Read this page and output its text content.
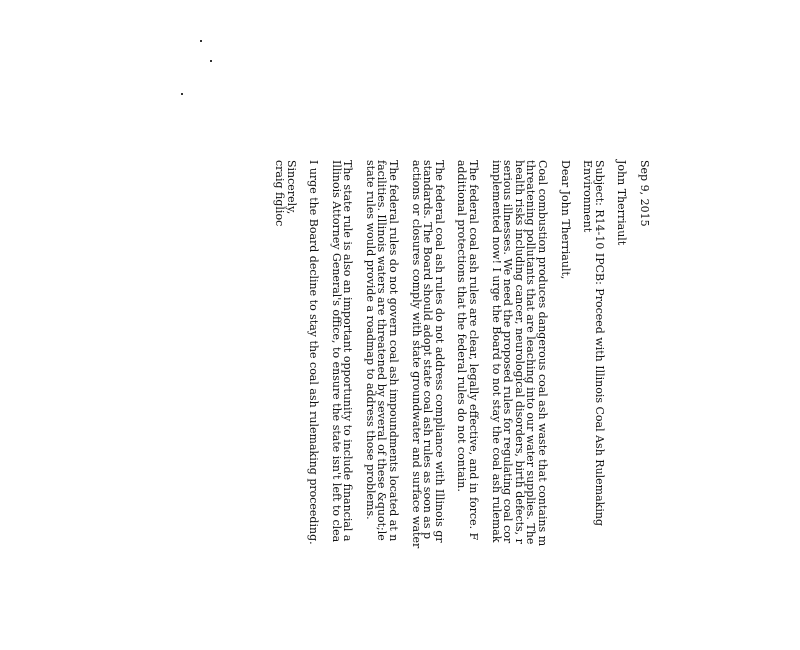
Sep 9, 2015

John Therriault

Subject: R14-10 IPCB: Proceed with Illinois Coal Ash Rulemaking
Environment

Dear John Therriault,

Coal combustion produces dangerous coal ash waste that contains m
threatening pollutants that are leaching into our water supplies. The
health risks including cancer, neurological disorders, birth defects, r
serious illnesses. We need the proposed rules for regulating coal cor
implemented now! I urge the Board to not stay the coal ash rulemak

The federal coal ash rules are clear, legally effective, and in force. F
additional protections that the federal rules do not contain.

The federal coal ash rules do not address compliance with Illinois gr
standards. The Board should adopt state coal ash rules as soon as p
actions or closures comply with state groundwater and surface water

The federal rules do not govern coal ash impoundments located at n
facilities. Illinois waters are threatened by several of these &quot;le
state rules would provide a roadmap to address those problems.

The state rule is also an important opportunity to include financial a
Illinois Attorney General's office, to ensure the state isn't left to clea

I urge the Board decline to stay the coal ash rulemaking proceeding.

Sincerely,
craig figlioc
